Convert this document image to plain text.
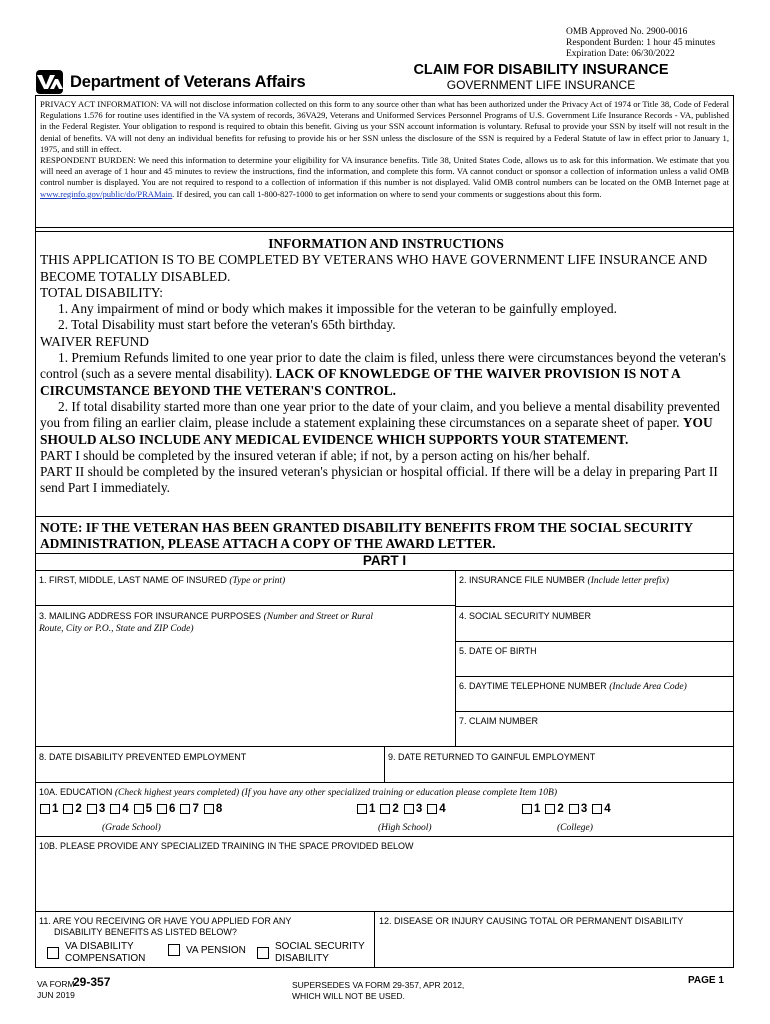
OMB Approved No. 2900-0016
Respondent Burden: 1 hour 45 minutes
Expiration Date: 06/30/2022
Department of Veterans Affairs
CLAIM FOR DISABILITY INSURANCE
GOVERNMENT LIFE INSURANCE

PRIVACY ACT INFORMATION: VA will not disclose information collected on this form to any source other than what has been authorized under the Privacy Act of 1974 or Title 38, Code of Federal Regulations 1.576 for routine uses identified in the VA system of records, 36VA29, Veterans and Uniformed Services Personnel Programs of U.S. Government Life Insurance Records - VA, published in the Federal Register. Your obligation to respond is required to obtain this benefit. Giving us your SSN account information is voluntary. Refusal to provide your SSN by itself will not result in the denial of benefits. VA will not deny an individual benefits for refusing to provide his or her SSN unless the disclosure of the SSN is required by a Federal Statute of law in effect prior to January 1, 1975, and still in effect.

RESPONDENT BURDEN: We need this information to determine your eligibility for VA insurance benefits. Title 38, United States Code, allows us to ask for this information. We estimate that you will need an average of 1 hour and 45 minutes to review the instructions, find the information, and complete this form. VA cannot conduct or sponsor a collection of information unless a valid OMB control number is displayed. You are not required to respond to a collection of information if this number is not displayed. Valid OMB control numbers can be located on the OMB Internet page at www.reginfo.gov/public/do/PRAMain. If desired, you can call 1-800-827-1000 to get information on where to send your comments or suggestions about this form.

INFORMATION AND INSTRUCTIONS

THIS APPLICATION IS TO BE COMPLETED BY VETERANS WHO HAVE GOVERNMENT LIFE INSURANCE AND BECOME TOTALLY DISABLED.

TOTAL DISABILITY:

1. Any impairment of mind or body which makes it impossible for the veteran to be gainfully employed.

2. Total Disability must start before the veteran's 65th birthday.

WAIVER REFUND

1. Premium Refunds limited to one year prior to date the claim is filed, unless there were circumstances beyond the veteran's control (such as a severe mental disability). LACK OF KNOWLEDGE OF THE WAIVER PROVISION IS NOT A CIRCUMSTANCE BEYOND THE VETERAN'S CONTROL.

2. If total disability started more than one year prior to the date of your claim, and you believe a mental disability prevented you from filing an earlier claim, please include a statement explaining these circumstances on a separate sheet of paper. YOU SHOULD ALSO INCLUDE ANY MEDICAL EVIDENCE WHICH SUPPORTS YOUR STATEMENT.

PART I should be completed by the insured veteran if able; if not, by a person acting on his/her behalf.

PART II should be completed by the insured veteran's physician or hospital official. If there will be a delay in preparing Part II send Part I immediately.

NOTE: IF THE VETERAN HAS BEEN GRANTED DISABILITY BENEFITS FROM THE SOCIAL SECURITY ADMINISTRATION, PLEASE ATTACH A COPY OF THE AWARD LETTER.
PART I
1. FIRST, MIDDLE, LAST NAME OF INSURED (Type or print)	2. INSURANCE FILE NUMBER (Include letter prefix)
3. MAILING ADDRESS FOR INSURANCE PURPOSES (Number and Street or Rural
Route, City or P.O., State and ZIP Code)
4. SOCIAL SECURITY NUMBER
5. DATE OF BIRTH
6. DAYTIME TELEPHONE NUMBER (Include Area Code)
7. CLAIM NUMBER
8. DATE DISABILITY PREVENTED EMPLOYMENT	9. DATE RETURNED TO GAINFUL EMPLOYMENT
10A. EDUCATION (Check highest years completed) (If you have any other specialized training or education please complete Item 10B)
1 2 3 4 5 6 7 8	1 2 3 4	1 2 3 4
(Grade School)	(High School)	(College)
10B. PLEASE PROVIDE ANY SPECIALIZED TRAINING IN THE SPACE PROVIDED BELOW
11. ARE YOU RECEIVING OR HAVE YOU APPLIED FOR ANY
DISABILITY BENEFITS AS LISTED BELOW?
VA DISABILITY
COMPENSATION
VA PENSION	SOCIAL SECURITY
DISABILITY
12. DISEASE OR INJURY CAUSING TOTAL OR PERMANENT DISABILITY
VA FORM
29-357
JUN 2019
SUPERSEDES VA FORM 29-357, APR 2012,
WHICH WILL NOT BE USED.
PAGE 1
